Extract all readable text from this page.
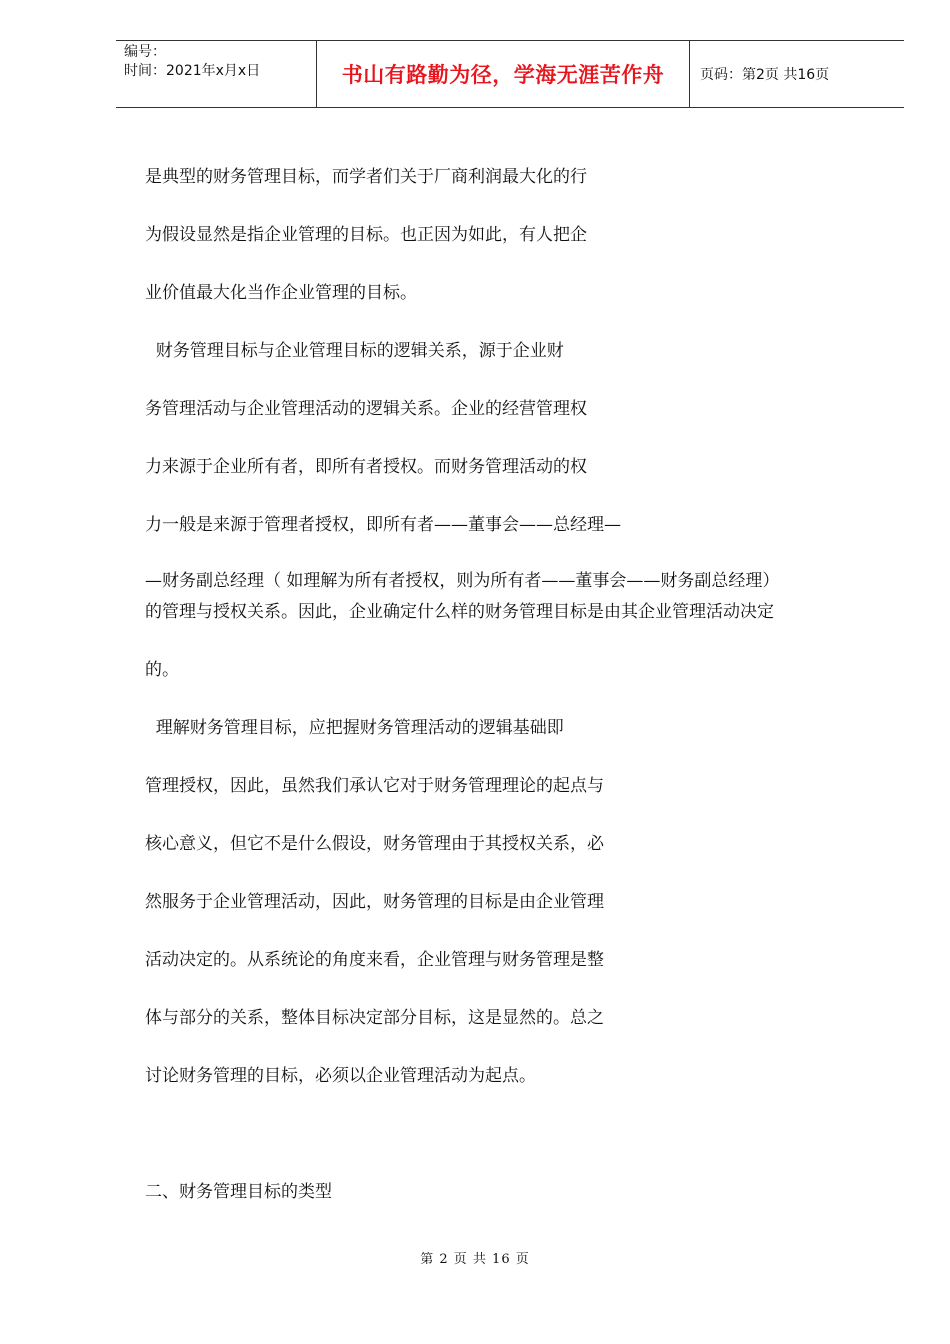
编号：
时间：2021年x月x日	书山有路勤为径，学海无涯苦作舟	页码：第2页 共16页
是典型的财务管理目标，而学者们关于厂商利润最大化的行
为假设显然是指企业管理的目标。也正因为如此，有人把企
业价值最大化当作企业管理的目标。
财务管理目标与企业管理目标的逻辑关系，源于企业财
务管理活动与企业管理活动的逻辑关系。企业的经营管理权
力来源于企业所有者，即所有者授权。而财务管理活动的权
力一般是来源于管理者授权，即所有者——董事会——总经理—
—财务副总经理（ 如理解为所有者授权，则为所有者——董事会——财务副总经理）
的管理与授权关系。因此，企业确定什么样的财务管理目标是由其企业管理活动决定
的。
理解财务管理目标，应把握财务管理活动的逻辑基础即
管理授权，因此，虽然我们承认它对于财务管理理论的起点与
核心意义，但它不是什么假设，财务管理由于其授权关系，必
然服务于企业管理活动，因此，财务管理的目标是由企业管理
活动决定的。从系统论的角度来看，企业管理与财务管理是整
体与部分的关系，整体目标决定部分目标，这是显然的。总之
讨论财务管理的目标，必须以企业管理活动为起点。
二、财务管理目标的类型
第 2 页 共 16 页
